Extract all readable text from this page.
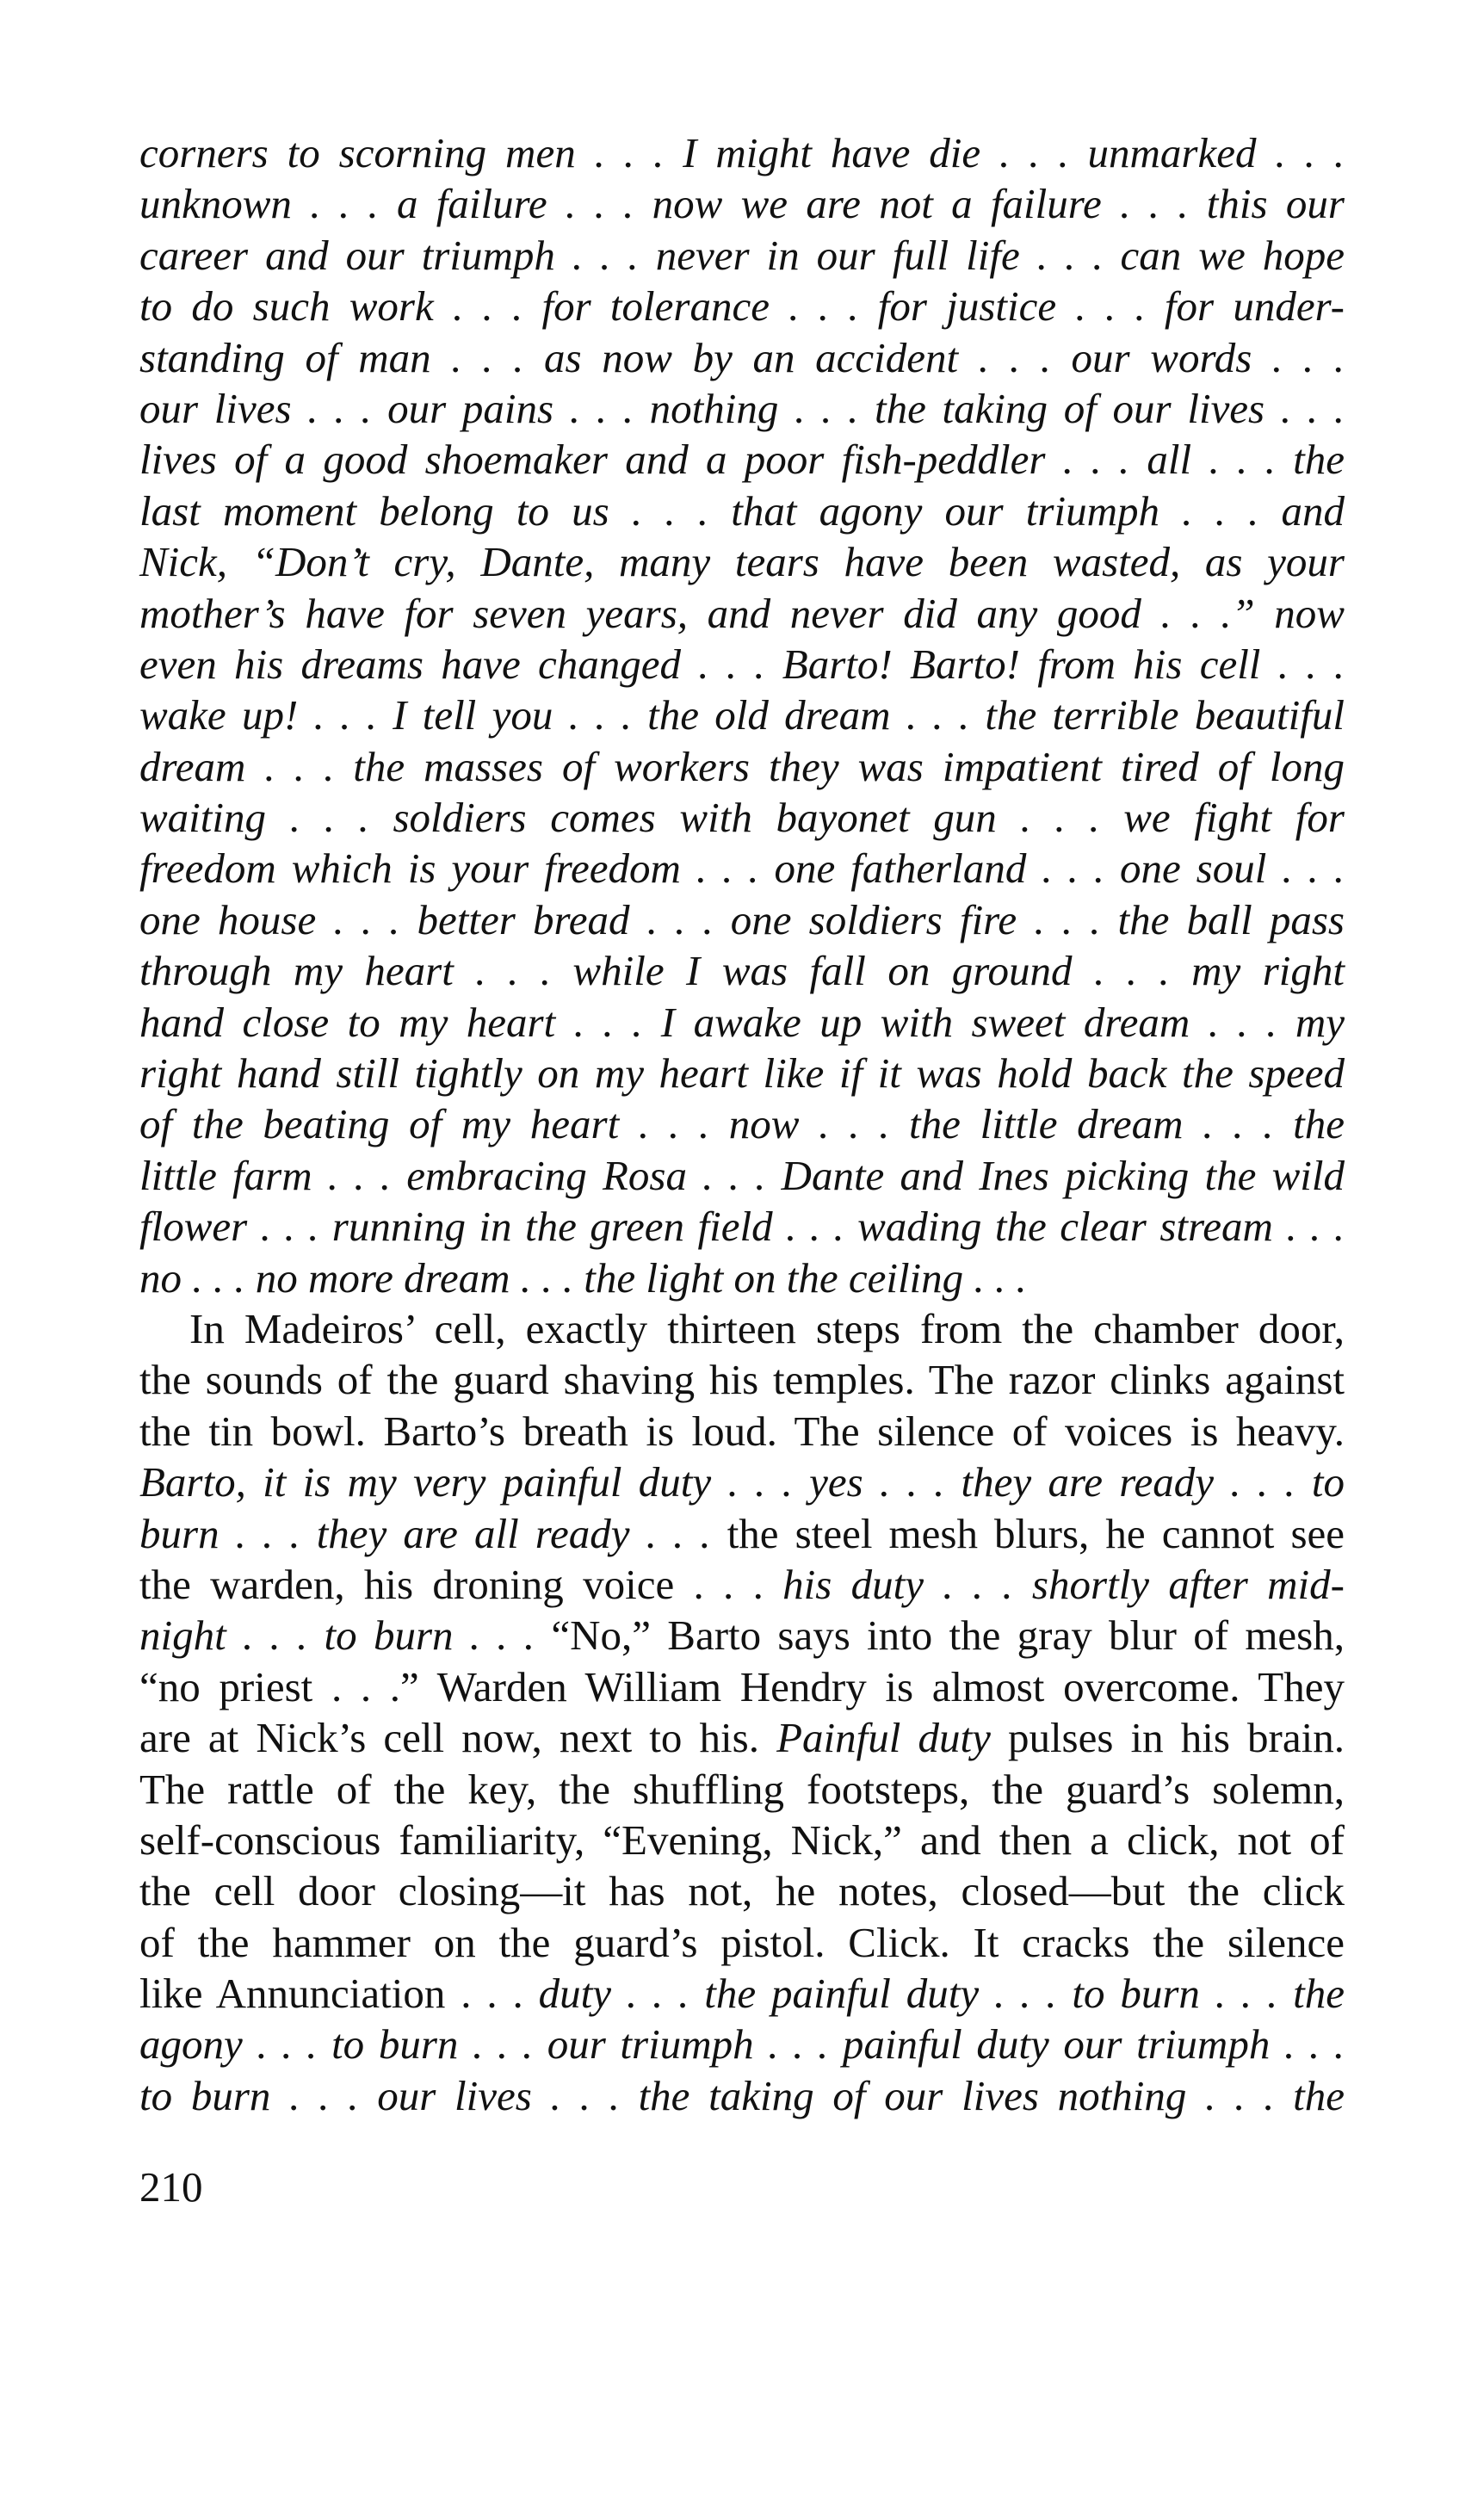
corners to scorning men . . . I might have die . . . unmarked . . .
unknown . . . a failure . . . now we are not a failure . . . this our
career and our triumph . . . never in our full life . . . can we hope
to do such work . . . for tolerance . . . for justice . . . for under-
standing of man . . . as now by an accident . . . our words . . .
our lives . . . our pains . . . nothing . . . the taking of our lives . . .
lives of a good shoemaker and a poor fish-peddler . . . all . . . the
last moment belong to us . . . that agony our triumph . . . and
Nick, “Don’t cry, Dante, many tears have been wasted, as your
mother’s have for seven years, and never did any good . . .” now
even his dreams have changed . . . Barto! Barto! from his cell . . .
wake up! . . . I tell you . . . the old dream . . . the terrible beautiful
dream . . . the masses of workers they was impatient tired of long
waiting . . . soldiers comes with bayonet gun . . . we fight for
freedom which is your freedom . . . one fatherland . . . one soul . . .
one house . . . better bread . . . one soldiers fire . . . the ball pass
through my heart . . . while I was fall on ground . . . my right
hand close to my heart . . . I awake up with sweet dream . . . my
right hand still tightly on my heart like if it was hold back the speed
of the beating of my heart . . . now . . . the little dream . . . the
little farm . . . embracing Rosa . . . Dante and Ines picking the wild
flower . . . running in the green field . . . wading the clear stream . . .
no . . . no more dream . . . the light on the ceiling . . .
In Madeiros’ cell, exactly thirteen steps from the chamber door,
the sounds of the guard shaving his temples. The razor clinks against
the tin bowl. Barto’s breath is loud. The silence of voices is heavy.
Barto, it is my very painful duty . . . yes . . . they are ready . . . to
burn . . . they are all ready . . . the steel mesh blurs, he cannot see
the warden, his droning voice . . . his duty . . . shortly after mid-
night . . . to burn . . . “No,” Barto says into the gray blur of mesh,
“no priest . . .” Warden William Hendry is almost overcome. They
are at Nick’s cell now, next to his. Painful duty pulses in his brain.
The rattle of the key, the shuffling footsteps, the guard’s solemn,
self-conscious familiarity, “Evening, Nick,” and then a click, not of
the cell door closing—it has not, he notes, closed—but the click
of the hammer on the guard’s pistol. Click. It cracks the silence
like Annunciation . . . duty . . . the painful duty . . . to burn . . . the
agony . . . to burn . . . our triumph . . . painful duty our triumph . . .
to burn . . . our lives . . . the taking of our lives nothing . . . the
210
